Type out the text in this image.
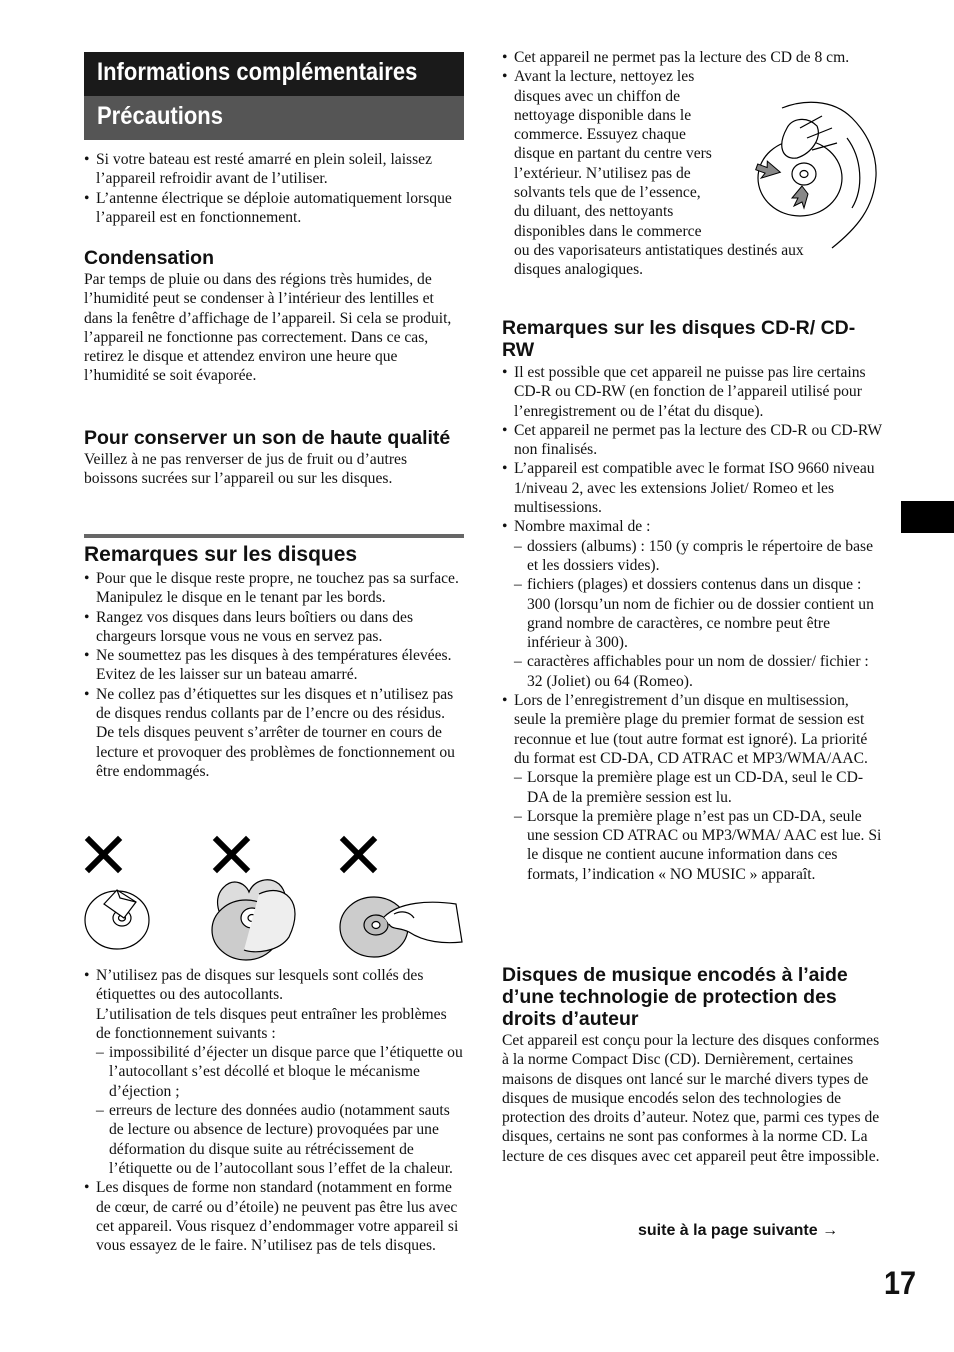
Informations complémentaires
Précautions
• Si votre bateau est resté amarré en plein soleil, laissez l’appareil refroidir avant de l’utiliser.
• L’antenne électrique se déploie automatiquement lorsque l’appareil est en fonctionnement.
Condensation

Par temps de pluie ou dans des régions très humides, de l’humidité peut se condenser à l’intérieur des lentilles et dans la fenêtre d’affichage de l’appareil. Si cela se produit, l’appareil ne fonctionne pas correctement. Dans ce cas, retirez le disque et attendez environ une heure que l’humidité se soit évaporée.

Pour conserver un son de haute qualité

Veillez à ne pas renverser de jus de fruit ou d’autres boissons sucrées sur l’appareil ou sur les disques.

Remarques sur les disques
• Pour que le disque reste propre, ne touchez pas sa surface. Manipulez le disque en le tenant par les bords.
• Rangez vos disques dans leurs boîtiers ou dans des chargeurs lorsque vous ne vous en servez pas.
• Ne soumettez pas les disques à des températures élevées. Evitez de les laisser sur un bateau amarré.
• Ne collez pas d’étiquettes sur les disques et n’utilisez pas de disques rendus collants par de l’encre ou des résidus. De tels disques peuvent s’arrêter de tourner en cours de lecture et provoquer des problèmes de fonctionnement ou être endommagés.
• N’utilisez pas de disques sur lesquels sont collés des étiquettes ou des autocollants.
L’utilisation de tels disques peut entraîner les problèmes de fonctionnement suivants :
– impossibilité d’éjecter un disque parce que l’étiquette ou l’autocollant s’est décollé et bloque le mécanisme d’éjection ;
– erreurs de lecture des données audio (notamment sauts de lecture ou absence de lecture) provoquées par une déformation du disque suite au rétrécissement de l’étiquette ou de l’autocollant sous l’effet de la chaleur.
• Les disques de forme non standard (notamment en forme de cœur, de carré ou d’étoile) ne peuvent pas être lus avec cet appareil. Vous risquez d’endommager votre appareil si vous essayez de le faire. N’utilisez pas de tels disques.
• Cet appareil ne permet pas la lecture des CD de 8 cm.
• Avant la lecture, nettoyez les
disques avec un chiffon de
nettoyage disponible dans le
commerce. Essuyez chaque
disque en partant du centre vers
l’extérieur. N’utilisez pas de
solvants tels que de l’essence,
du diluant, des nettoyants
disponibles dans le commerce
ou des vaporisateurs antistatiques destinés aux
disques analogiques.
Remarques sur les disques CD-R/ CD-RW
• Il est possible que cet appareil ne puisse pas lire certains CD-R ou CD-RW (en fonction de l’appareil utilisé pour l’enregistrement ou de l’état du disque).
• Cet appareil ne permet pas la lecture des CD-R ou CD-RW non finalisés.
• L’appareil est compatible avec le format ISO 9660 niveau 1/niveau 2, avec les extensions Joliet/ Romeo et les multisessions.
• Nombre maximal de :
– dossiers (albums) : 150 (y compris le répertoire de base et les dossiers vides).
– fichiers (plages) et dossiers contenus dans un disque : 300 (lorsqu’un nom de fichier ou de dossier contient un grand nombre de caractères, ce nombre peut être inférieur à 300).
– caractères affichables pour un nom de dossier/ fichier : 32 (Joliet) ou 64 (Romeo).
• Lors de l’enregistrement d’un disque en multisession, seule la première plage du premier format de session est reconnue et lue (tout autre format est ignoré). La priorité du format est CD-DA, CD ATRAC et MP3/WMA/AAC.
– Lorsque la première plage est un CD-DA, seul le CD-DA de la première session est lu.
– Lorsque la première plage n’est pas un CD-DA, seule une session CD ATRAC ou MP3/WMA/ AAC est lue. Si le disque ne contient aucune information dans ces formats, l’indication « NO MUSIC » apparaît.
Disques de musique encodés à l’aide d’une technologie de protection des droits d’auteur

Cet appareil est conçu pour la lecture des disques conformes à la norme Compact Disc (CD). Dernièrement, certaines maisons de disques ont lancé sur le marché divers types de disques de musique encodés selon des technologies de protection des droits d’auteur. Notez que, parmi ces types de disques, certains ne sont pas conformes à la norme CD. La lecture de ces disques avec cet appareil peut être impossible.

suite à la page suivante →
17
